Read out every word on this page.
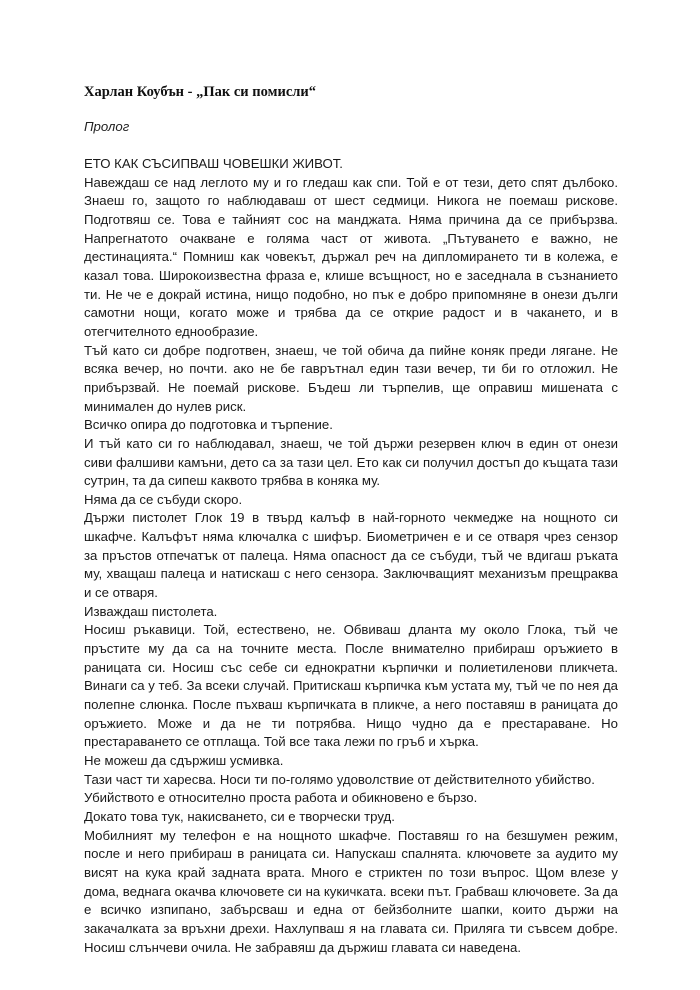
Харлан Коубън - „Пак си помисли“
Пролог

ЕТО КАК СЪСИПВАШ ЧОВЕШКИ ЖИВОТ.

Навеждаш се над леглото му и го гледаш как спи. Той е от тези, дето спят дълбоко. Знаеш го, защото го наблюдаваш от шест седмици. Никога не поемаш рискове. Подготвяш се. Това е тайният сос на манджата. Няма причина да се прибързва. Напрегнатото очакване е голяма част от живота. „Пътуването е важно, не дестинацията.“ Помниш как човекът, държал реч на дипломирането ти в колежа, е казал това. Широкоизвестна фраза е, клише всъщност, но е заседнала в съзнанието ти. Не че е докрай истина, нищо подобно, но пък е добро припомняне в онези дълги самотни нощи, когато може и трябва да се открие радост и в чакането, и в отегчителното еднообразие.

Тъй като си добре подготвен, знаеш, че той обича да пийне коняк преди лягане. Не всяка вечер, но почти. ако не бе гаврътнал един тази вечер, ти би го отложил. Не прибързвай. Не поемай рискове. Бъдеш ли търпелив, ще оправиш мишената с минимален до нулев риск.

Всичко опира до подготовка и търпение.

И тъй като си го наблюдавал, знаеш, че той държи резервен ключ в един от онези сиви фалшиви камъни, дето са за тази цел. Ето как си получил достъп до къщата тази сутрин, та да сипеш каквото трябва в коняка му.

Няма да се събуди скоро.

Държи пистолет Глок 19 в твърд калъф в най-горното чекмедже на нощното си шкафче. Калъфът няма ключалка с шифър. Биометричен е и се отваря чрез сензор за пръстов отпечатък от палеца. Няма опасност да се събуди, тъй че вдигаш ръката му, хващаш палеца и натискаш с него сензора. Заключващият механизъм прещраква и се отваря.

Изваждаш пистолета.

Носиш ръкавици. Той, естествено, не. Обвиваш дланта му около Глока, тъй че пръстите му да са на точните места. После внимателно прибираш оръжието в раницата си. Носиш със себе си еднократни кърпички и полиетиленови пликчета. Винаги са у теб. За всеки случай. Притискаш кърпичка към устата му, тъй че по нея да полепне слюнка. После пъхваш кърпичката в пликче, а него поставяш в раницата до оръжието. Може и да не ти потрябва. Нищо чудно да е престараване. Но престараването се отплаща. Той все така лежи по гръб и хърка.

Не можеш да сдържиш усмивка.

Тази част ти харесва. Носи ти по-голямо удоволствие от действителното убийство.

Убийството е относително проста работа и обикновено е бързо.

Докато това тук, накисването, си е творчески труд.

Мобилният му телефон е на нощното шкафче. Поставяш го на безшумен режим, после и него прибираш в раницата си. Напускаш спалнята. ключовете за аудито му висят на кука край задната врата. Много е стриктен по този въпрос. Щом влезе у дома, веднага окачва ключовете си на кукичката. всеки път. Грабваш ключовете. За да е всичко изпипано, забърсваш и една от бейзболните шапки, които държи на закачалката за връхни дрехи. Нахлупваш я на главата си. Приляга ти съвсем добре. Носиш слънчеви очила. Не забравяш да държиш главата си наведена.
